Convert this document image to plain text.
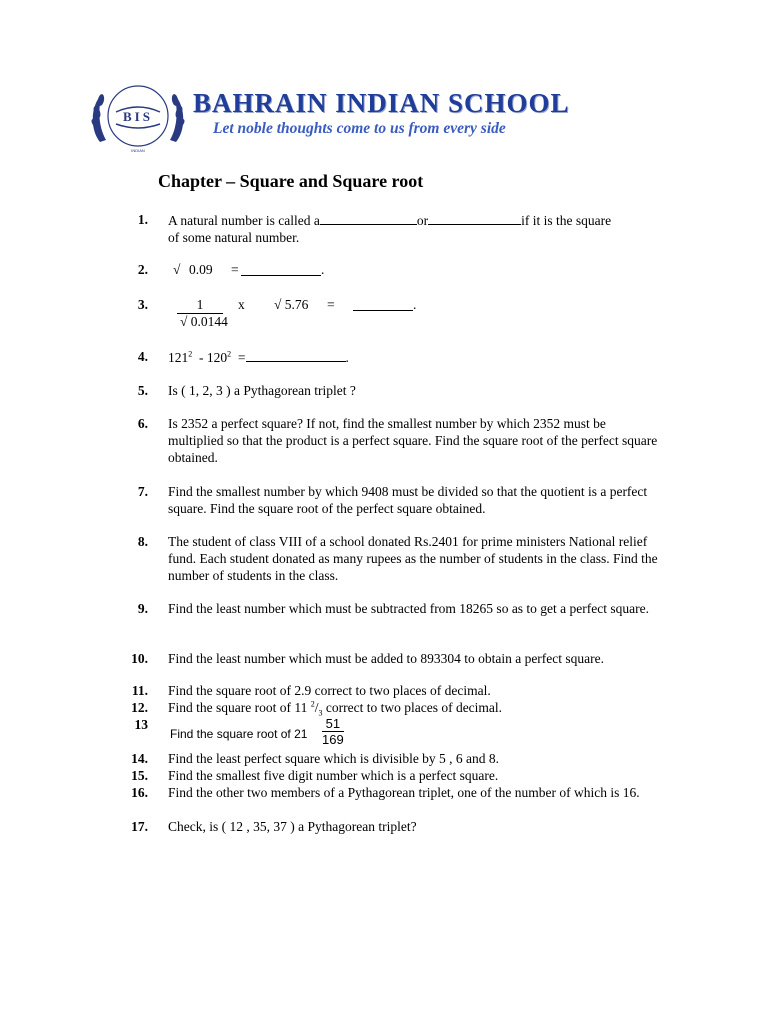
BIS
INDIAN
BAHRAIN INDIAN SCHOOL
Let noble thoughts come to us from every side
Chapter – Square and Square root
1. A natural number is called a	or	if it is the square
of some natural number.
2. √ 0.09 =	.
3.	1
√ 0.0144
x √ 5.76 =	.
4. $121^2 - 120^2$ =	.
5. Is ( 1, 2, 3 ) a Pythagorean triplet ?
6. Is 2352 a perfect square? If not, find the smallest number by which 2352 must be multiplied so that the product is a perfect square. Find the square root of the perfect square obtained.
7. Find the smallest number by which 9408 must be divided so that the quotient is a perfect square. Find the square root of the perfect square obtained.
8. The student of class VIII of a school donated Rs.2401 for prime ministers National relief fund. Each student donated as many rupees as the number of students in the class. Find the number of students in the class.
9. Find the least number which must be subtracted from 18265 so as to get a perfect square.
10. Find the least number which must be added to 893304 to obtain a perfect square.
11. Find the square root of 2.9 correct to two places of decimal.
12. Find the square root of 11 $^2/_3$ correct to two places of decimal.
13
Find the square root of $21 \frac{51}{169}$
14. Find the least perfect square which is divisible by 5 , 6 and 8.
15. Find the smallest five digit number which is a perfect square.
16. Find the other two members of a Pythagorean triplet, one of the number of which is 16.
17. Check, is ( 12 , 35, 37 ) a Pythagorean triplet?
